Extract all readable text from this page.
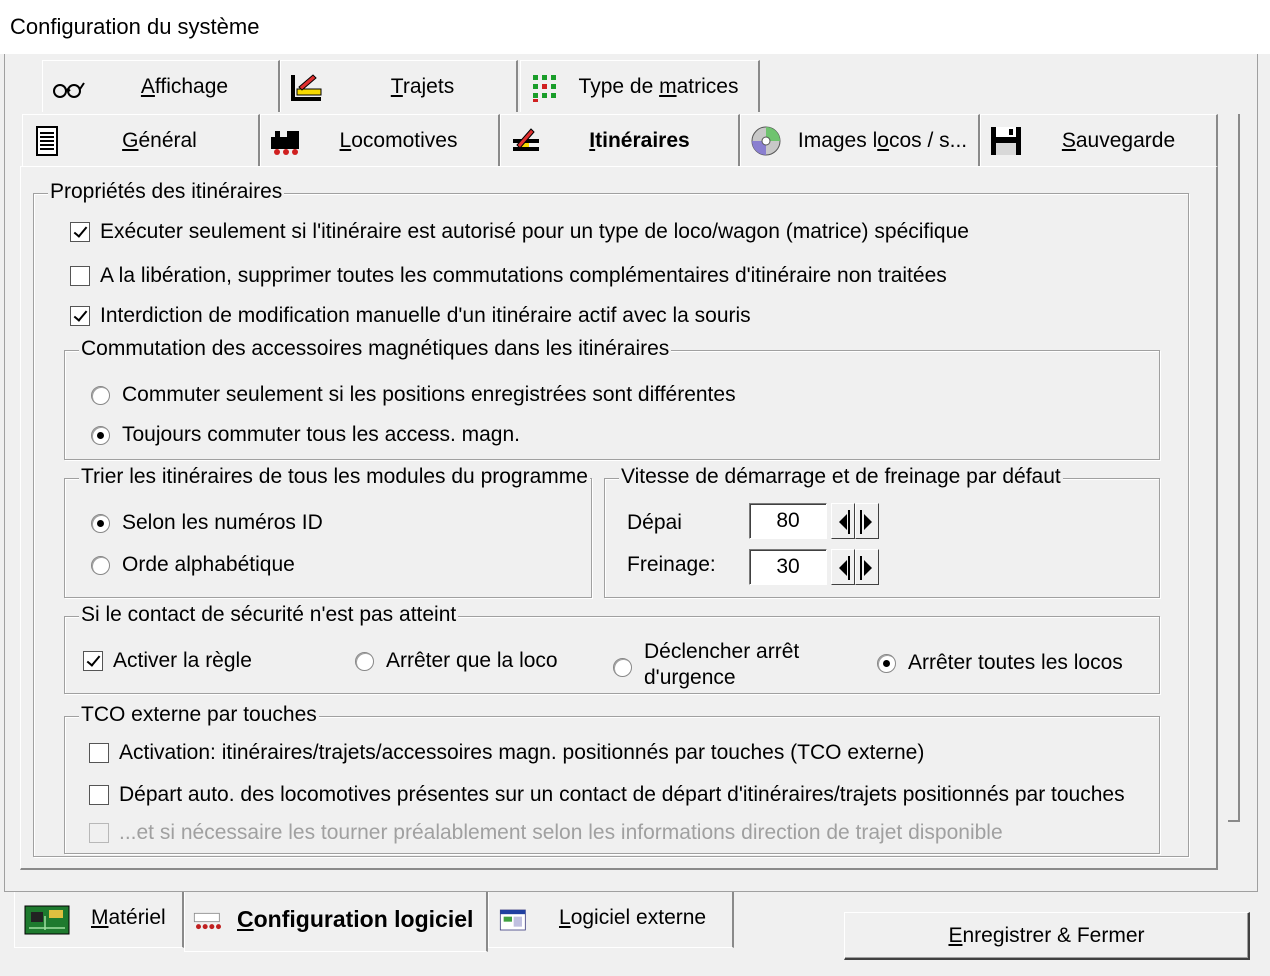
Configuration du système
Affichage	Trajets	Type de matrices
Général	Locomotives	Itinéraires	Images locos / s...	Sauvegarde
Propriétés des itinéraires
Exécuter seulement si l'itinéraire est autorisé pour un type de loco/wagon (matrice) spécifique
A la libération, supprimer toutes les commutations complémentaires d'itinéraire non traitées
Interdiction de modification manuelle d'un itinéraire actif avec la souris
Commutation des accessoires magnétiques dans les itinéraires
Commuter seulement si les positions enregistrées sont différentes
Toujours commuter tous les access. magn.
Trier les itinéraires de tous les modules du programme
Selon les numéros ID
Orde alphabétique
Vitesse de démarrage et de freinage par défaut
Dépai	80
Freinage:	30
Si le contact de sécurité n'est pas atteint
Activer la règle	Arrêter que la loco	Déclencher arrêt
d'urgence
Arrêter toutes les locos
TCO externe par touches
Activation: itinéraires/trajets/accessoires magn. positionnés par touches (TCO externe)
Départ auto. des locomotives présentes sur un contact de départ d'itinéraires/trajets positionnés par touches
...et si nécessaire les tourner préalablement selon les informations direction de trajet disponible
Matériel	Configuration logiciel	Logiciel externe
Enregistrer & Fermer
